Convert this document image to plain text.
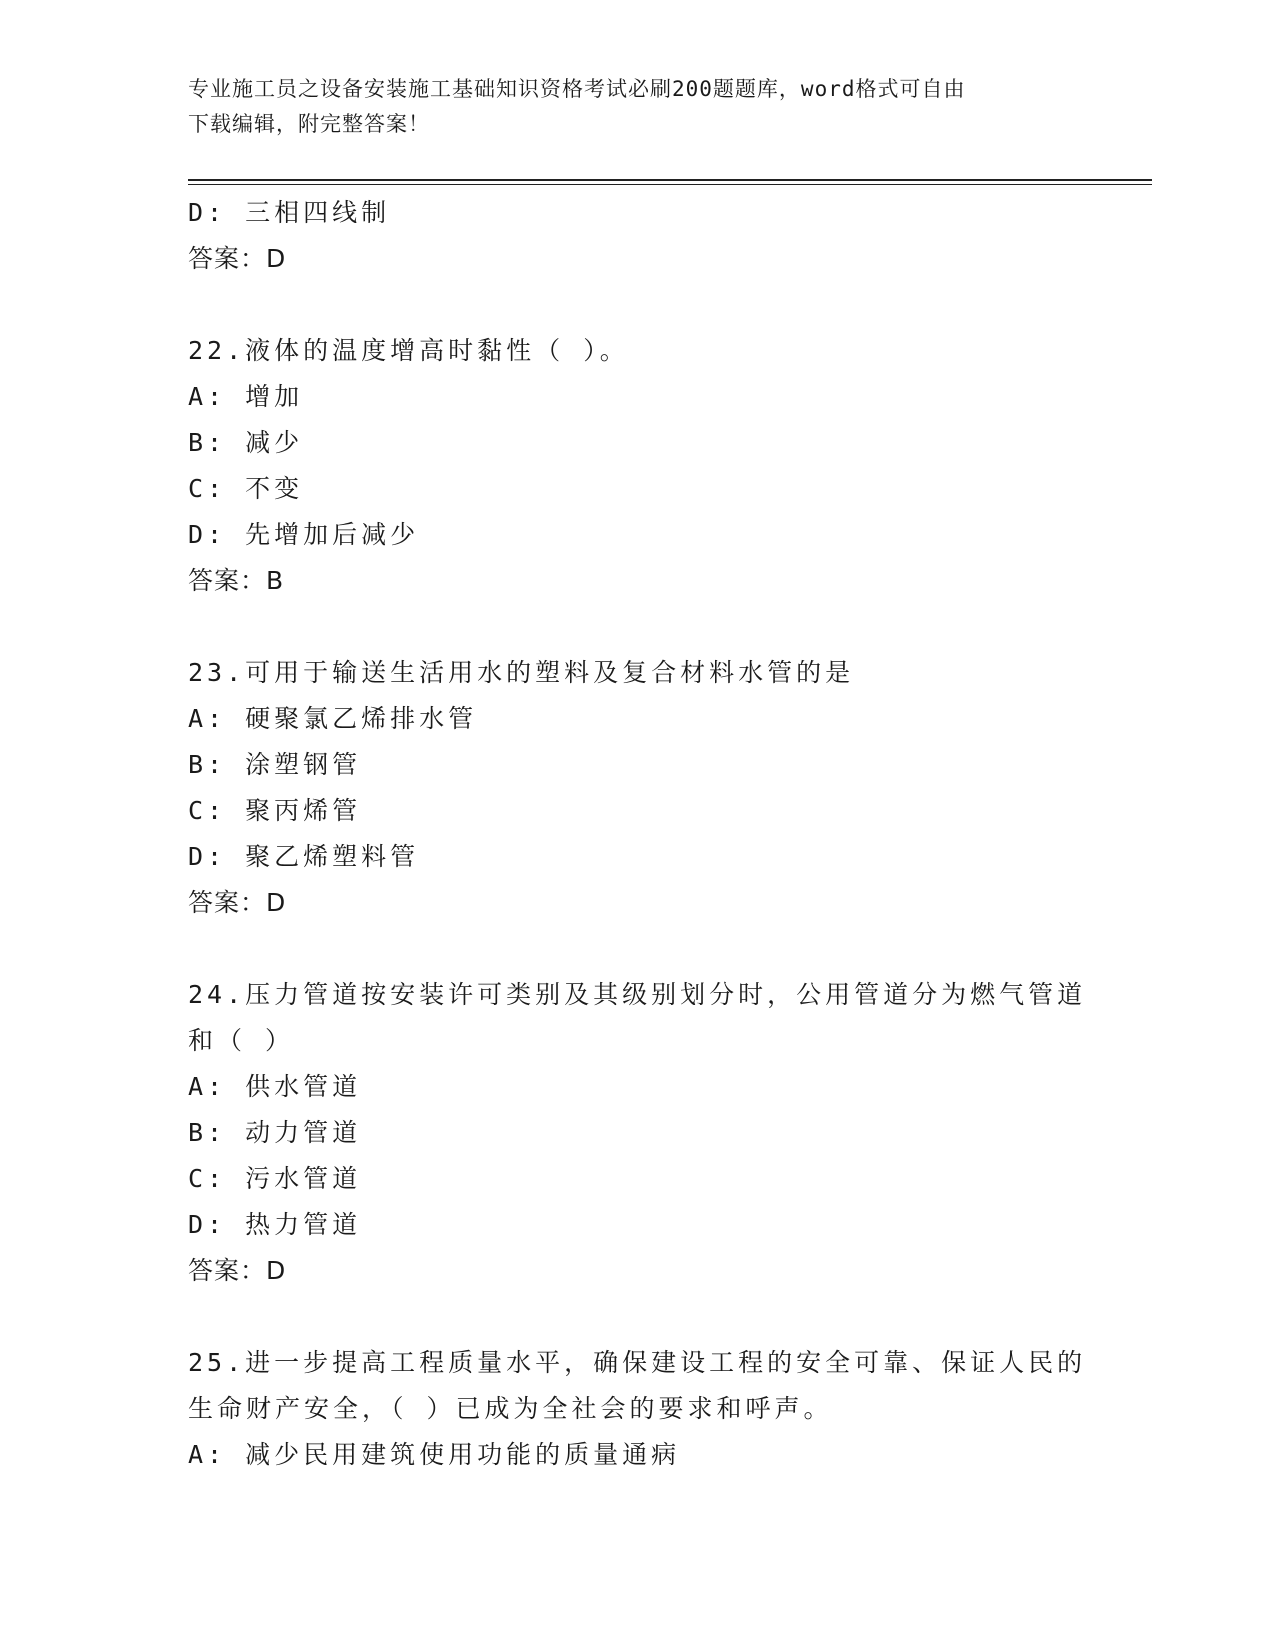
专业施工员之设备安装施工基础知识资格考试必刷200题题库，word格式可自由
下载编辑，附完整答案！
D: 三相四线制
答案：D
22.液体的温度增高时黏性（ ）。
A: 增加
B: 减少
C: 不变
D: 先增加后减少
答案：B
23.可用于输送生活用水的塑料及复合材料水管的是
A: 硬聚氯乙烯排水管
B: 涂塑钢管
C: 聚丙烯管
D: 聚乙烯塑料管
答案：D
24.压力管道按安装许可类别及其级别划分时，公用管道分为燃气管道
和（ ）
A: 供水管道
B: 动力管道
C: 污水管道
D: 热力管道
答案：D
25.进一步提高工程质量水平，确保建设工程的安全可靠、保证人民的
生命财产安全，（ ）已成为全社会的要求和呼声。
A: 减少民用建筑使用功能的质量通病
